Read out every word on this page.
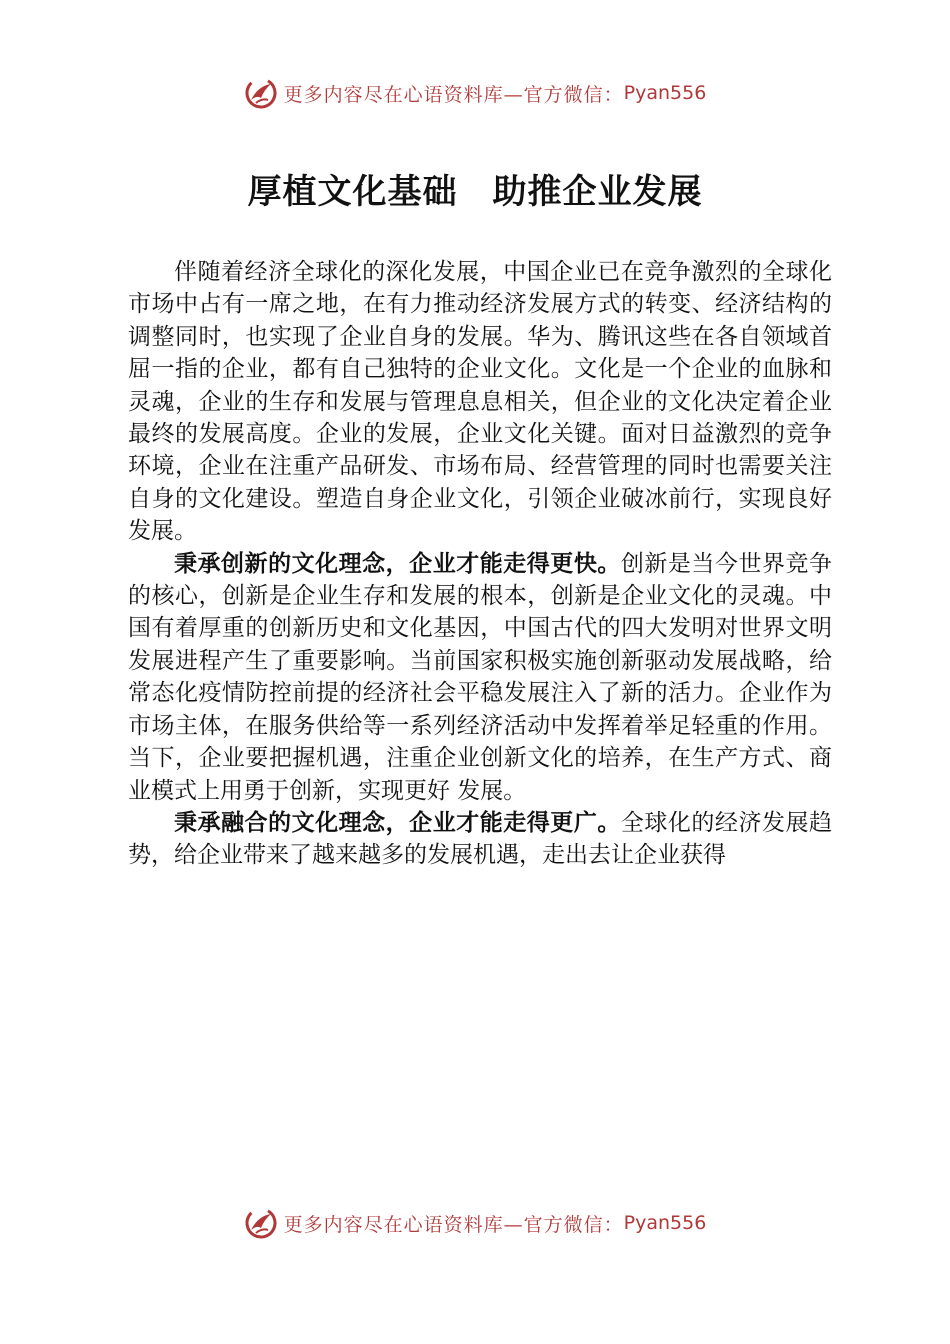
更多内容尽在心语资料库—官方微信： Pyan556
厚植文化基础　助推企业发展

伴随着经济全球化的深化发展，中国企业已在竞争激烈的全球化市场中占有一席之地，在有力推动经济发展方式的转变、经济结构的调整同时，也实现了企业自身的发展。华为、腾讯这些在各自领域首屈一指的企业，都有自己独特的企业文化。文化是一个企业的血脉和灵魂，企业的生存和发展与管理息息相关，但企业的文化决定着企业最终的发展高度。企业的发展，企业文化关键。面对日益激烈的竞争环境，企业在注重产品研发、市场布局、经营管理的同时也需要关注自身的文化建设。塑造自身企业文化，引领企业破冰前行，实现良好发展。

秉承创新的文化理念，企业才能走得更快。创新是当今世界竞争的核心，创新是企业生存和发展的根本，创新是企业文化的灵魂。中国有着厚重的创新历史和文化基因，中国古代的四大发明对世界文明发展进程产生了重要影响。当前国家积极实施创新驱动发展战略，给常态化疫情防控前提的经济社会平稳发展注入了新的活力。企业作为市场主体，在服务供给等一系列经济活动中发挥着举足轻重的作用。当下，企业要把握机遇，注重企业创新文化的培养，在生产方式、商业模式上用勇于创新，实现更好 发展。

秉承融合的文化理念，企业才能走得更广。全球化的经济发展趋势，给企业带来了越来越多的发展机遇，走出去让企业获得

更多内容尽在心语资料库—官方微信： Pyan556
